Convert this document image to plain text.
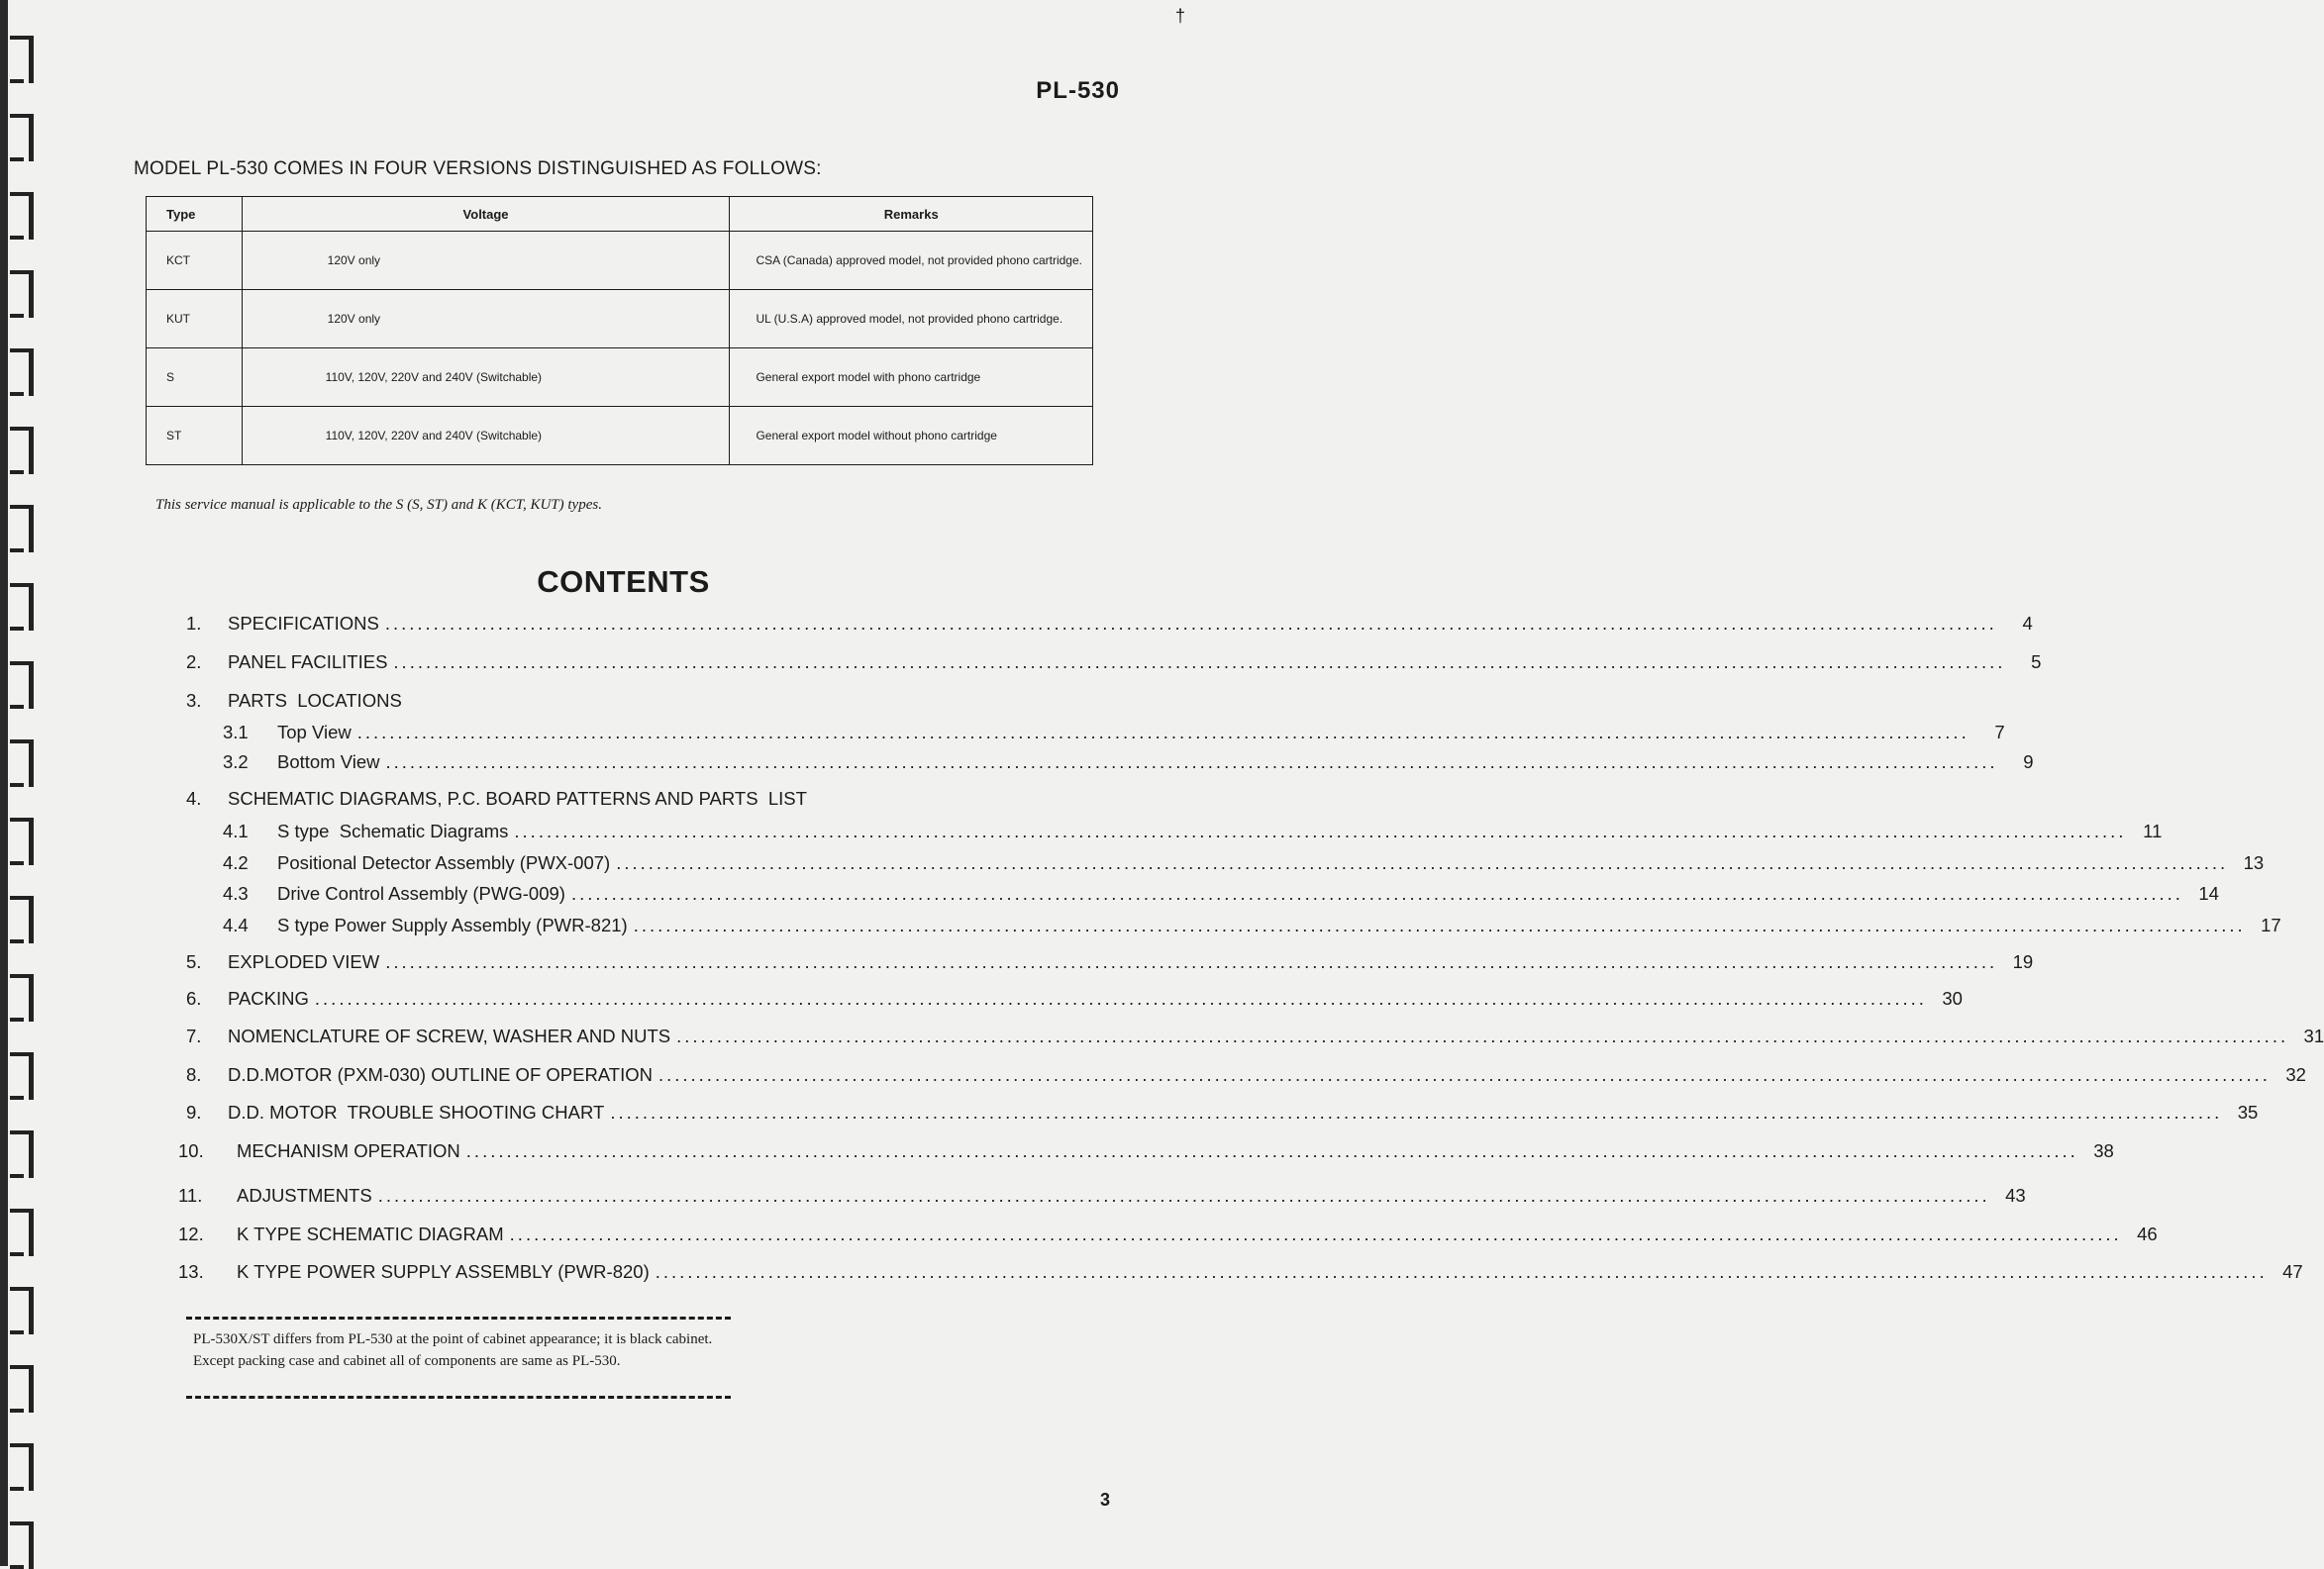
†
PL-530
MODEL PL-530 COMES IN FOUR VERSIONS DISTINGUISHED AS FOLLOWS:
Type	Voltage	Remarks
KCT	120V only	CSA (Canada) approved model, not provided phono cartridge.
KUT	120V only	UL (U.S.A) approved model, not provided phono cartridge.
S	110V, 120V, 220V and 240V (Switchable)	General export model with phono cartridge
ST	110V, 120V, 220V and 240V (Switchable)	General export model without phono cartridge
This service manual is applicable to the S (S, ST) and K (KCT, KUT) types.
CONTENTS
1.	SPECIFICATIONS ........................................................................................................................................................................................................	4
2.	PANEL FACILITIES ........................................................................................................................................................................................................	5
3.	PARTS  LOCATIONS
3.1	Top View ........................................................................................................................................................................................................	7
3.2	Bottom View ........................................................................................................................................................................................................	9
4.	SCHEMATIC DIAGRAMS, P.C. BOARD PATTERNS AND PARTS  LIST
4.1	S type  Schematic Diagrams ........................................................................................................................................................................................................ 11
4.2	Positional Detector Assembly (PWX-007) ........................................................................................................................................................................................................ 13
4.3	Drive Control Assembly (PWG-009) ........................................................................................................................................................................................................ 14
4.4	S type Power Supply Assembly (PWR-821) ........................................................................................................................................................................................................ 17
5.	EXPLODED VIEW ........................................................................................................................................................................................................ 19
6.	PACKING ........................................................................................................................................................................................................ 30
7.	NOMENCLATURE OF SCREW, WASHER AND NUTS ........................................................................................................................................................................................................ 31
8.	D.D.MOTOR (PXM-030) OUTLINE OF OPERATION ........................................................................................................................................................................................................ 32
9.	D.D. MOTOR  TROUBLE SHOOTING CHART ........................................................................................................................................................................................................ 35
10.	MECHANISM OPERATION ........................................................................................................................................................................................................ 38
11.	ADJUSTMENTS ........................................................................................................................................................................................................ 43
12.	K TYPE SCHEMATIC DIAGRAM ........................................................................................................................................................................................................ 46
13.	K TYPE POWER SUPPLY ASSEMBLY (PWR-820) ........................................................................................................................................................................................................ 47
PL-530X/ST differs from PL-530 at the point of cabinet appearance; it is black cabinet. Except packing case and cabinet all of components are same as PL-530.
3
